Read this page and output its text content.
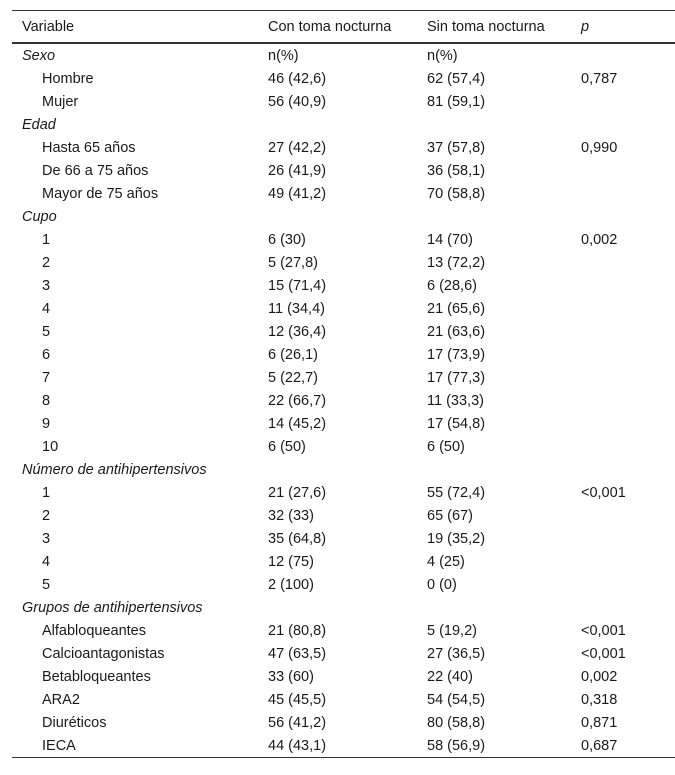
Variable	Con toma nocturna	Sin toma nocturna	p
Sexo	n(%)	n(%)	
Hombre	46 (42,6)	62 (57,4)	0,787
Mujer	56 (40,9)	81 (59,1)	
Edad			
Hasta 65 años	27 (42,2)	37 (57,8)	0,990
De 66 a 75 años	26 (41,9)	36 (58,1)	
Mayor de 75 años	49 (41,2)	70 (58,8)	
Cupo			
1	6 (30)	14 (70)	0,002
2	5 (27,8)	13 (72,2)	
3	15 (71,4)	6 (28,6)	
4	11 (34,4)	21 (65,6)	
5	12 (36,4)	21 (63,6)	
6	6 (26,1)	17 (73,9)	
7	5 (22,7)	17 (77,3)	
8	22 (66,7)	11 (33,3)	
9	14 (45,2)	17 (54,8)	
10	6 (50)	6 (50)	
Número de antihipertensivos			
1	21 (27,6)	55 (72,4)	<0,001
2	32 (33)	65 (67)	
3	35 (64,8)	19 (35,2)	
4	12 (75)	4 (25)	
5	2 (100)	0 (0)	
Grupos de antihipertensivos			
Alfabloqueantes	21 (80,8)	5 (19,2)	<0,001
Calcioantagonistas	47 (63,5)	27 (36,5)	<0,001
Betabloqueantes	33 (60)	22 (40)	0,002
ARA2	45 (45,5)	54 (54,5)	0,318
Diuréticos	56 (41,2)	80 (58,8)	0,871
IECA	44 (43,1)	58 (56,9)	0,687
